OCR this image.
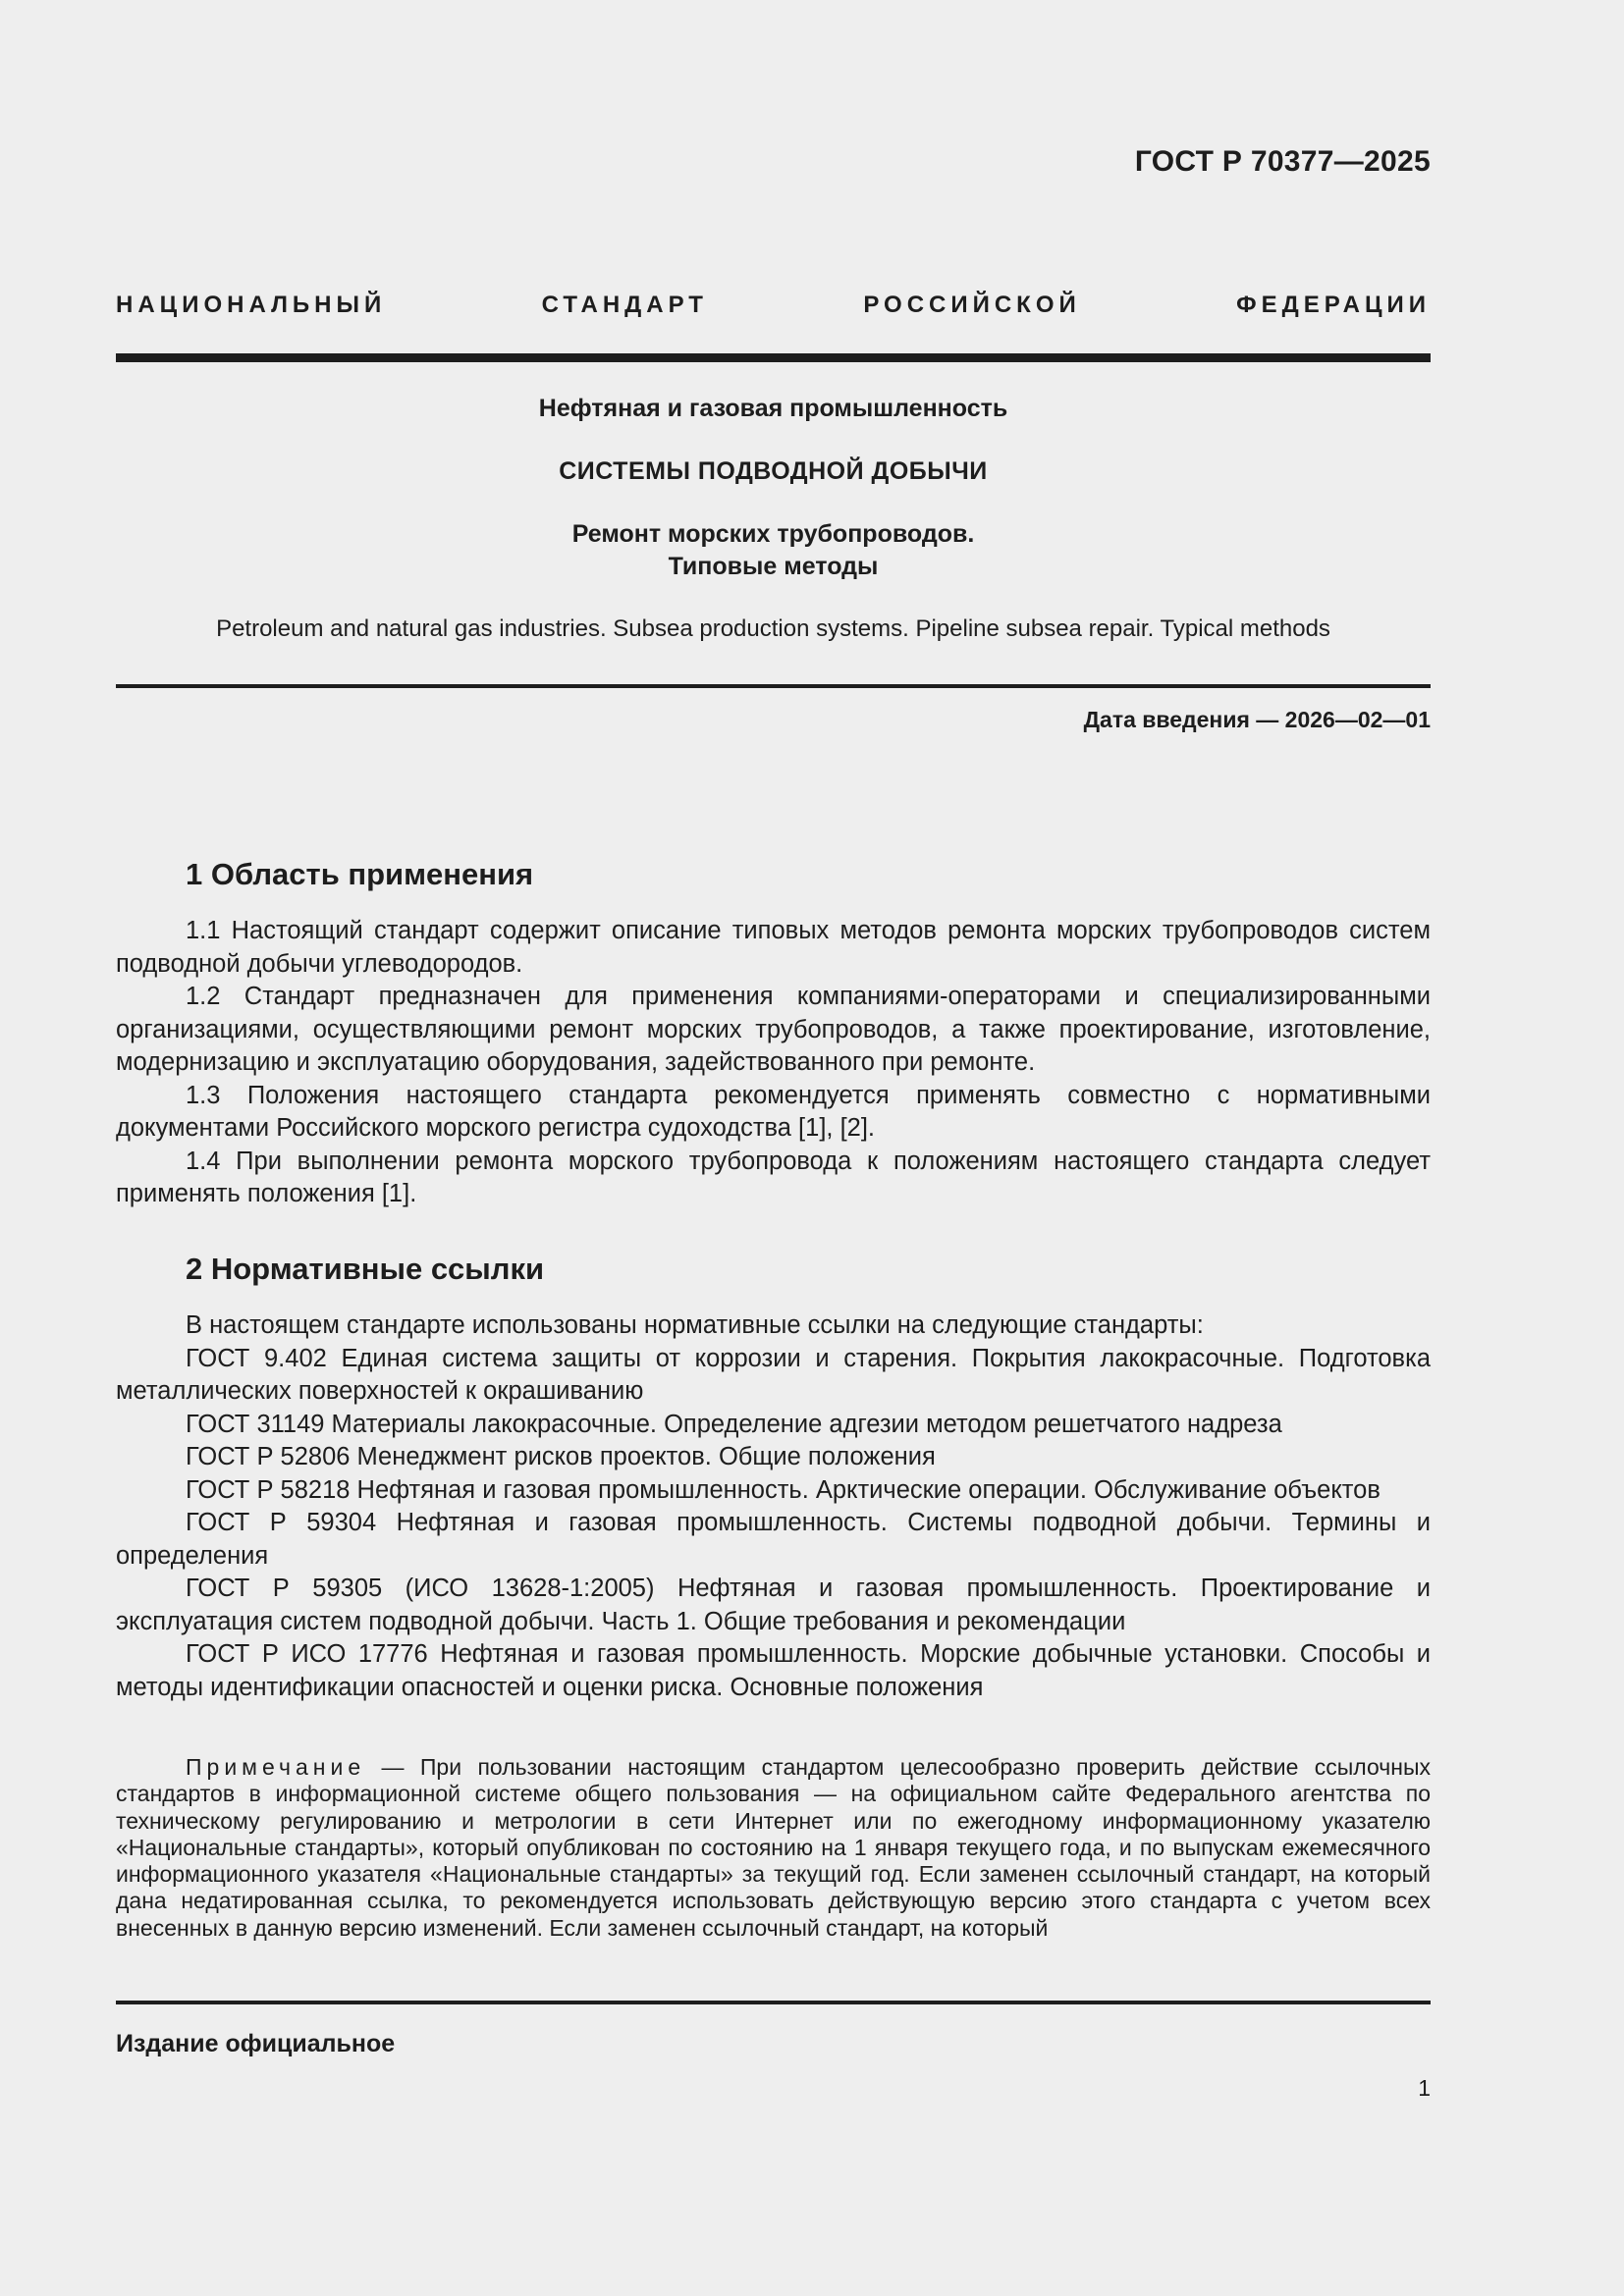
ГОСТ Р 70377—2025
НАЦИОНАЛЬНЫЙ СТАНДАРТ РОССИЙСКОЙ ФЕДЕРАЦИИ
Нефтяная и газовая промышленность
СИСТЕМЫ ПОДВОДНОЙ ДОБЫЧИ
Ремонт морских трубопроводов.
Типовые методы
Petroleum and natural gas industries. Subsea production systems. Pipeline subsea repair. Typical methods
Дата введения — 2026—02—01
1 Область применения

1.1 Настоящий стандарт содержит описание типовых методов ремонта морских трубопроводов систем подводной добычи углеводородов.

1.2 Стандарт предназначен для применения компаниями-операторами и специализированными организациями, осуществляющими ремонт морских трубопроводов, а также проектирование, изготовление, модернизацию и эксплуатацию оборудования, задействованного при ремонте.

1.3 Положения настоящего стандарта рекомендуется применять совместно с нормативными документами Российского морского регистра судоходства [1], [2].

1.4 При выполнении ремонта морского трубопровода к положениям настоящего стандарта следует применять положения [1].

2 Нормативные ссылки

В настоящем стандарте использованы нормативные ссылки на следующие стандарты:

ГОСТ 9.402 Единая система защиты от коррозии и старения. Покрытия лакокрасочные. Подготовка металлических поверхностей к окрашиванию

ГОСТ 31149 Материалы лакокрасочные. Определение адгезии методом решетчатого надреза

ГОСТ Р 52806 Менеджмент рисков проектов. Общие положения

ГОСТ Р 58218 Нефтяная и газовая промышленность. Арктические операции. Обслуживание объектов

ГОСТ Р 59304 Нефтяная и газовая промышленность. Системы подводной добычи. Термины и определения

ГОСТ Р 59305 (ИСО 13628-1:2005) Нефтяная и газовая промышленность. Проектирование и эксплуатация систем подводной добычи. Часть 1. Общие требования и рекомендации

ГОСТ Р ИСО 17776 Нефтяная и газовая промышленность. Морские добычные установки. Способы и методы идентификации опасностей и оценки риска. Основные положения

Примечание — При пользовании настоящим стандартом целесообразно проверить действие ссылочных стандартов в информационной системе общего пользования — на официальном сайте Федерального агентства по техническому регулированию и метрологии в сети Интернет или по ежегодному информационному указателю «Национальные стандарты», который опубликован по состоянию на 1 января текущего года, и по выпускам ежемесячного информационного указателя «Национальные стандарты» за текущий год. Если заменен ссылочный стандарт, на который дана недатированная ссылка, то рекомендуется использовать действующую версию этого стандарта с учетом всех внесенных в данную версию изменений. Если заменен ссылочный стандарт, на который
Издание официальное
1
